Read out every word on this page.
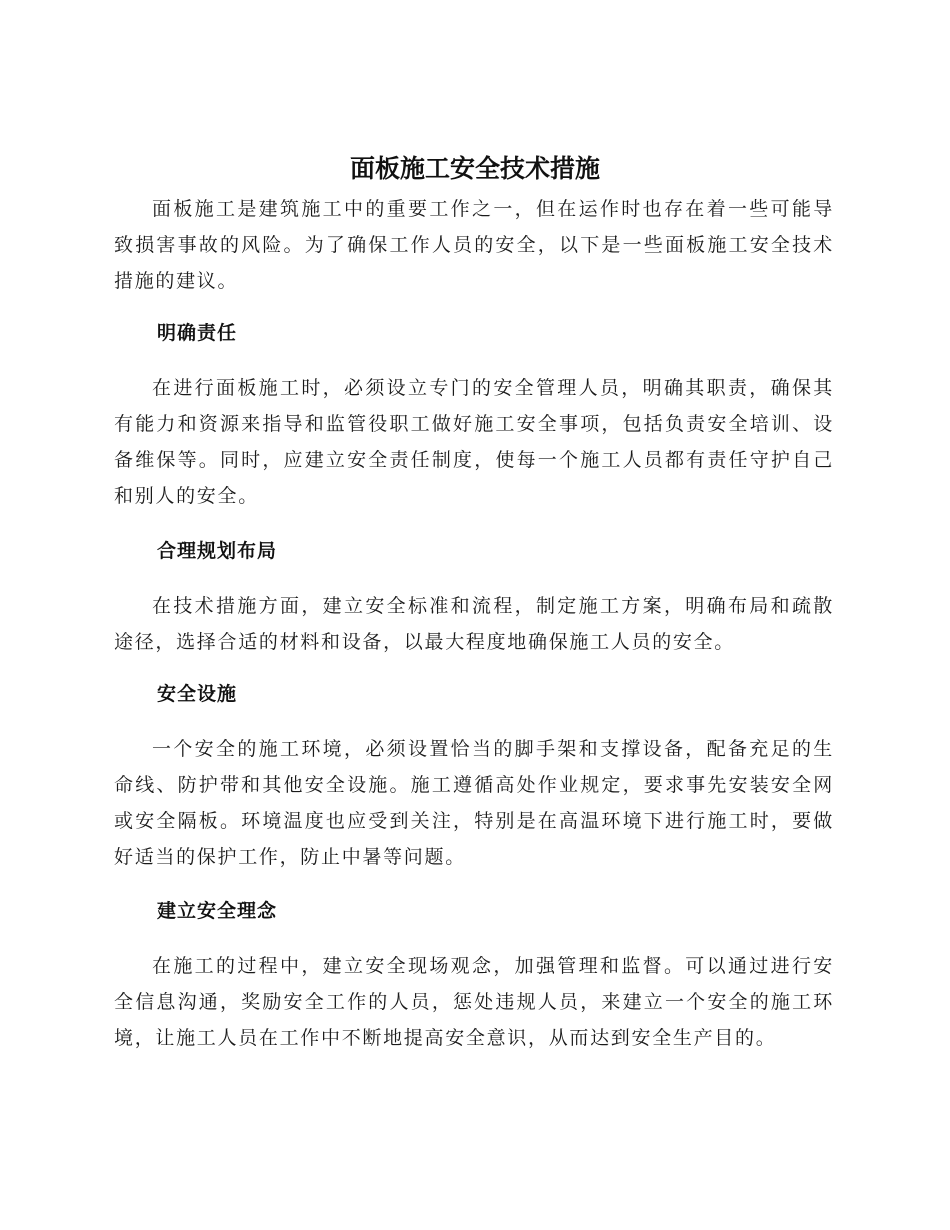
面板施工安全技术措施

面板施工是建筑施工中的重要工作之一，但在运作时也存在着一些可能导致损害事故的风险。为了确保工作人员的安全，以下是一些面板施工安全技术措施的建议。

明确责任

在进行面板施工时，必须设立专门的安全管理人员，明确其职责，确保其有能力和资源来指导和监管役职工做好施工安全事项，包括负责安全培训、设备维保等。同时，应建立安全责任制度，使每一个施工人员都有责任守护自己和别人的安全。

合理规划布局

在技术措施方面，建立安全标准和流程，制定施工方案，明确布局和疏散途径，选择合适的材料和设备，以最大程度地确保施工人员的安全。

安全设施

一个安全的施工环境，必须设置恰当的脚手架和支撑设备，配备充足的生命线、防护带和其他安全设施。施工遵循高处作业规定，要求事先安装安全网或安全隔板。环境温度也应受到关注，特别是在高温环境下进行施工时，要做好适当的保护工作，防止中暑等问题。

建立安全理念

在施工的过程中，建立安全现场观念，加强管理和监督。可以通过进行安全信息沟通，奖励安全工作的人员，惩处违规人员，来建立一个安全的施工环境，让施工人员在工作中不断地提高安全意识，从而达到安全生产目的。
